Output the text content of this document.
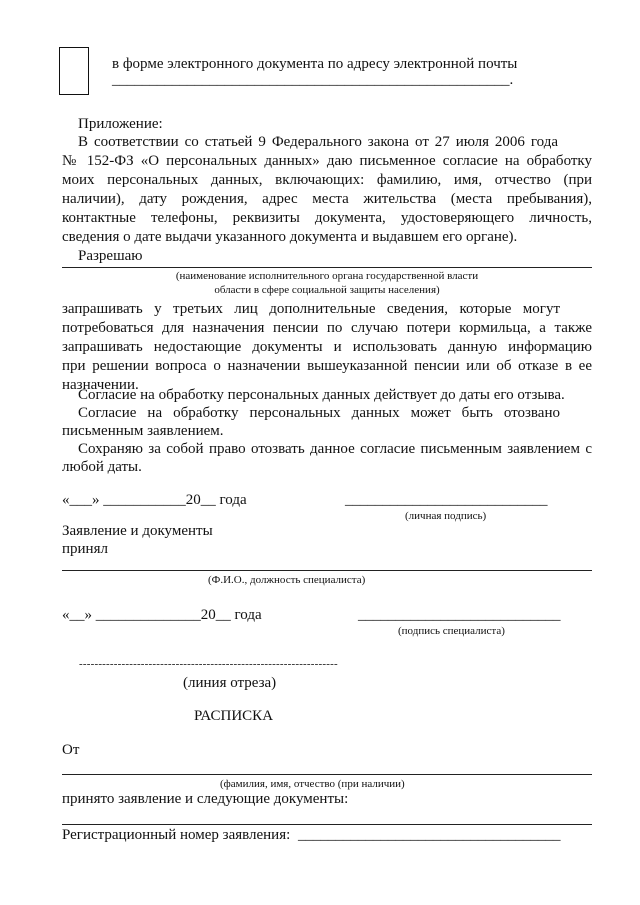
в форме электронного документа по адресу электронной почты
_____________________________________________________.
Приложение:
В соответствии со статьей 9 Федерального закона от 27 июля 2006 года
№ 152-ФЗ «О персональных данных» даю письменное согласие на обработку
моих персональных данных, включающих: фамилию, имя, отчество (при
наличии), дату рождения, адрес места жительства (места пребывания),
контактные телефоны, реквизиты документа, удостоверяющего личность,
сведения о дате выдачи указанного документа и выдавшем его органе).
Разрешаю
(наименование исполнительного органа государственной власти
области в сфере социальной защиты населения)
запрашивать у третьих лиц дополнительные сведения, которые могут
потребоваться для назначения пенсии по случаю потери кормильца, а также
запрашивать недостающие документы и использовать данную информацию
при решении вопроса о назначении вышеуказанной пенсии или об отказе в ее
назначении.
Согласие на обработку персональных данных действует до даты его отзыва.
Согласие на обработку персональных данных может быть отозвано
письменным заявлением.
Сохраняю за собой право отозвать данное согласие письменным заявлением с
любой даты.
«___» ___________20__ года	___________________________
(личная подпись)
Заявление и документы
принял
(Ф.И.О., должность специалиста)
«__» ______________20__ года	___________________________
(подпись специалиста)
-------------------------------------------------------------------
(линия отреза)
РАСПИСКА
От
(фамилия, имя, отчество (при наличии)
принято заявление и следующие документы:
Регистрационный номер заявления: ___________________________________
